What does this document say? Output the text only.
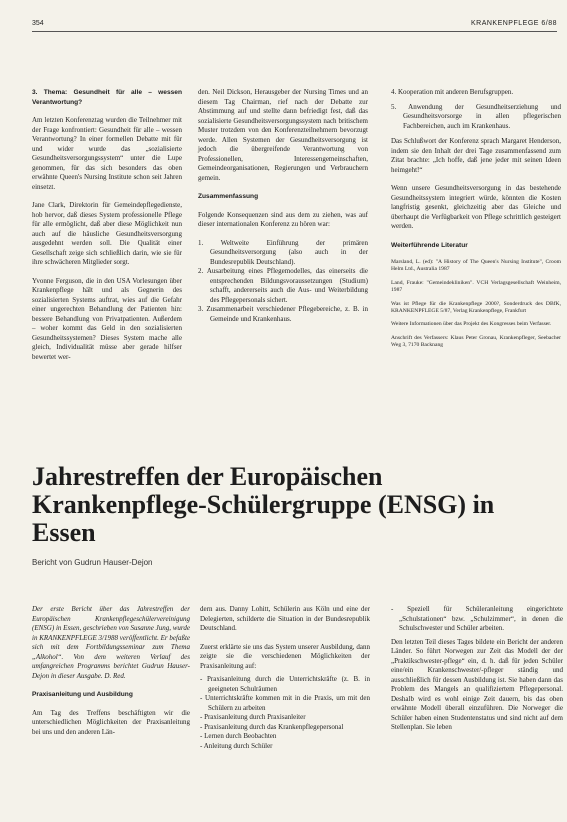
354	KRANKENPFLEGE 6/88

3. Thema: Gesundheit für alle – wessen Verantwortung?

Am letzten Konferenztag wurden die Teilnehmer mit der Frage konfrontiert: Gesundheit für alle – wessen Verantwortung? In einer formellen Debatte mit für und wider wurde das „sozialisierte Gesundheitsversorgungssystem“ unter die Lupe genommen, für das sich besonders das oben erwähnte Queen's Nursing Institute schon seit Jahren einsetzt.

Jane Clark, Direktorin für Gemeindepflegedienste, hob hervor, daß dieses System professionelle Pflege für alle ermöglicht, daß aber diese Möglichkeit nun auch auf die häusliche Gesundheitsversorgung ausgedehnt werden soll. Die Qualität einer Gesellschaft zeige sich schließlich darin, wie sie für ihre schwächeren Mitglieder sorgt.

Yvonne Ferguson, die in den USA Vorlesungen über Krankenpflege hält und als Gegnerin des sozialisierten Systems auftrat, wies auf die Gefahr einer ungerechten Behandlung der Patienten hin: bessere Behandlung von Privatpatienten. Außerdem – woher kommt das Geld in den sozialisierten Gesundheitssystemen? Dieses System mache alle gleich, Individualität müsse aber gerade hilfser bewertet wer-

den. Neil Dickson, Herausgeber der Nursing Times und an diesem Tag Chairman, rief nach der Debatte zur Abstimmung auf und stellte dann befriedigt fest, daß das sozialisierte Gesundheitsversorgungssystem nach britischem Muster trotzdem von den Konferenzteilnehmern bevorzugt werde. Allen Systemen der Gesundheitsversorgung ist jedoch die übergreifende Verantwortung von Professionellen, Interessengemeinschaften, Gemeindeorganisationen, Regierungen und Verbrauchern gemein.

Zusammenfassung

Folgende Konsequenzen sind aus dem zu ziehen, was auf dieser internationalen Konferenz zu hören war:

1. Weltweite Einführung der primären Gesundheitsversorgung (also auch in der Bundesrepublik Deutschland).
2. Ausarbeitung eines Pflegemodelles, das einerseits die entsprechenden Bildungsvoraussetzungen (Studium) schafft, andererseits auch die Aus- und Weiterbildung des Pflegepersonals sichert.
3. Zusammenarbeit verschiedener Pflegebereiche, z. B. in Gemeinde und Krankenhaus.
4. Kooperation mit anderen Berufsgruppen.
5. Anwendung der Gesundheitserziehung und Gesundheitsvorsorge in allen pflegerischen Fachbereichen, auch im Krankenhaus.

Das Schlußwort der Konferenz sprach Margaret Henderson, indem sie den Inhalt der drei Tage zusammenfassend zum Zitat brachte: „Ich hoffe, daß jene jeder mit seinen Ideen heimgeht!“

Wenn unsere Gesundheitsversorgung in das bestehende Gesundheitssystem integriert würde, könnten die Kosten langfristig gesenkt, gleichzeitig aber das Gleiche und überhaupt die Verfügbarkeit von Pflege schrittlich gesteigert werden.

Weiterführende Literatur

Marsland, L. (ed): "A History of The Queen's Nursing Institute", Croom Helm Ltd., Australia 1987

Land, Frauke: "Gemeindekliniken". VCH Verlagsgesellschaft Weinheim, 1987

Was ist Pflege für die Krankenpflege 2000?, Sonderdruck des DBfK, KRANKENPFLEGE 5/87, Verlag Krankenpflege, Frankfurt

Weitere Informationen über das Projekt des Kongresses beim Verfasser.

Anschrift des Verfassers: Klaus Peter Gronau, Krankenpfleger, Seebacher Weg 3, 7170 Backnang

Jahrestreffen der Europäischen Krankenpflege-Schülergruppe (ENSG) in Essen
Bericht von Gudrun Hauser-Dejon

Der erste Bericht über das Jahrestreffen der Europäischen Krankenpflegeschülervereinigung (ENSG) in Essen, geschrieben von Susanne Jung, wurde in KRANKENPFLEGE 3/1988 veröffentlicht. Er befaßte sich mit dem Fortbildungsseminar zum Thema „Alkohol“. Von dem weiteren Verlauf des umfangreichen Programms berichtet Gudrun Hauser-Dejon in dieser Ausgabe. D. Red.

Praxisanleitung und Ausbildung

Am Tag des Treffens beschäftigten wir die unterschiedlichen Möglichkeiten der Praxisanleitung bei uns und den anderen Län-

dern aus. Danny Lohitt, Schülerin aus Köln und eine der Delegierten, schilderte die Situation in der Bundesrepublik Deutschland.

Zuerst erklärte sie uns das System unserer Ausbildung, dann zeigte sie die verschiedenen Möglichkeiten der Praxisanleitung auf:

- Praxisanleitung durch die Unterrichtskräfte (z. B. in geeigneten Schulräumen
- Unterrichtskräfte kommen mit in die Praxis, um mit den Schülern zu arbeiten
- Praxisanleitung durch Praxisanleiter
- Praxisanleitung durch das Krankenpflegepersonal
- Lernen durch Beobachten
- Anleitung durch Schüler
- Speziell für Schüleranleitung eingerichtete „Schulstationen“ bzw. „Schulzimmer“, in denen die Schulschwester und Schüler arbeiten.

Den letzten Teil dieses Tages bildete ein Bericht der anderen Länder. So führt Norwegen zur Zeit das Modell der der „Praktikschwester-pflege“ ein, d. h. daß für jeden Schüler eine/ein Krankenschwester/-pfleger ständig und ausschließlich für dessen Ausbildung ist. Sie haben dann das Problem des Mangels an qualifiziertem Pflegepersonal. Deshalb wird es wohl einige Zeit dauern, bis das oben erwähnte Modell überall einzuführen. Die Norweger die Schüler haben einen Studentenstatus und sind nicht auf dem Stellenplan. Sie leben
